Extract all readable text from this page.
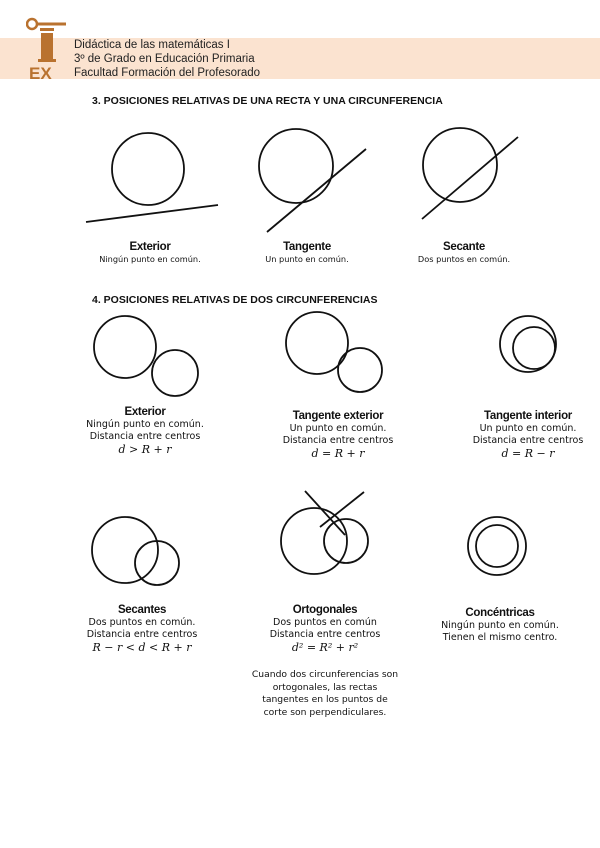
EX
Didáctica de las matemáticas I
3º de Grado en Educación Primaria
Facultad Formación del Profesorado
3. POSICIONES RELATIVAS DE UNA RECTA Y UNA CIRCUNFERENCIA
Exterior
Ningún punto en común.
Tangente
Un punto en común.
Secante
Dos puntos en común.
4. POSICIONES RELATIVAS DE DOS CIRCUNFERENCIAS
Exterior
Ningún punto en común.
Distancia entre centros
d > R + r
Tangente exterior
Un punto en común.
Distancia entre centros
d = R + r
Tangente interior
Un punto en común.
Distancia entre centros
d = R − r
Secantes
Dos puntos en común.
Distancia entre centros
R − r < d < R + r
Ortogonales
Dos puntos en común
Distancia entre centros
d² = R² + r²
Cuando dos circunferencias son ortogonales, las rectas tangentes en los puntos de corte son perpendiculares.
Concéntricas
Ningún punto en común.
Tienen el mismo centro.
